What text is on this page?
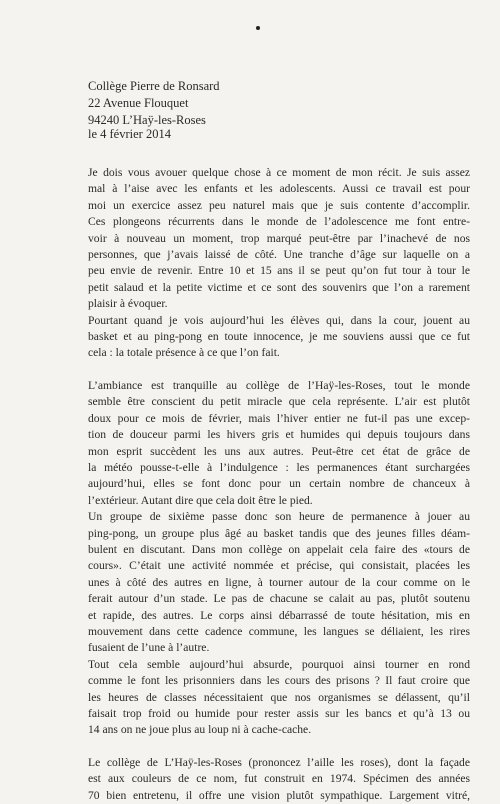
Collège Pierre de Ronsard
22 Avenue Flouquet
94240 L’Haÿ-les-Roses
le 4 février 2014
Je dois vous avouer quelque chose à ce moment de mon récit. Je suis assez
mal à l’aise avec les enfants et les adolescents. Aussi ce travail est pour
moi un exercice assez peu naturel mais que je suis contente d’accomplir.
Ces plongeons récurrents dans le monde de l’adolescence me font entre-
voir à nouveau un moment, trop marqué peut-être par l’inachevé de nos
personnes, que j’avais laissé de côté. Une tranche d’âge sur laquelle on a
peu envie de revenir. Entre 10 et 15 ans il se peut qu’on fut tour à tour le
petit salaud et la petite victime et ce sont des souvenirs que l’on a rarement
plaisir à évoquer.
Pourtant quand je vois aujourd’hui les élèves qui, dans la cour, jouent au
basket et au ping-pong en toute innocence, je me souviens aussi que ce fut
cela : la totale présence à ce que l’on fait.
L’ambiance est tranquille au collège de l’Haÿ-les-Roses, tout le monde
semble être conscient du petit miracle que cela représente. L’air est plutôt
doux pour ce mois de février, mais l’hiver entier ne fut-il pas une excep-
tion de douceur parmi les hivers gris et humides qui depuis toujours dans
mon esprit succèdent les uns aux autres. Peut-être cet état de grâce de
la météo pousse-t-elle à l’indulgence : les permanences étant surchargées
aujourd’hui, elles se font donc pour un certain nombre de chanceux à
l’extérieur. Autant dire que cela doit être le pied.
Un groupe de sixième passe donc son heure de permanence à jouer au
ping-pong, un groupe plus âgé au basket tandis que des jeunes filles déam-
bulent en discutant. Dans mon collège on appelait cela faire des «tours de
cours». C’était une activité nommée et précise, qui consistait, placées les
unes à côté des autres en ligne, à tourner autour de la cour comme on le
ferait autour d’un stade. Le pas de chacune se calait au pas, plutôt soutenu
et rapide, des autres. Le corps ainsi débarrassé de toute hésitation, mis en
mouvement dans cette cadence commune, les langues se déliaient, les rires
fusaient de l’une à l’autre.
Tout cela semble aujourd’hui absurde, pourquoi ainsi tourner en rond
comme le font les prisonniers dans les cours des prisons ? Il faut croire que
les heures de classes nécessitaient que nos organismes se délassent, qu’il
faisait trop froid ou humide pour rester assis sur les bancs et qu’à 13 ou
14 ans on ne joue plus au loup ni à cache-cache.
Le collège de L’Haÿ-les-Roses (prononcez l’aille les roses), dont la façade
est aux couleurs de ce nom, fut construit en 1974. Spécimen des années
70 bien entretenu, il offre une vision plutôt sympathique. Largement vitré,
